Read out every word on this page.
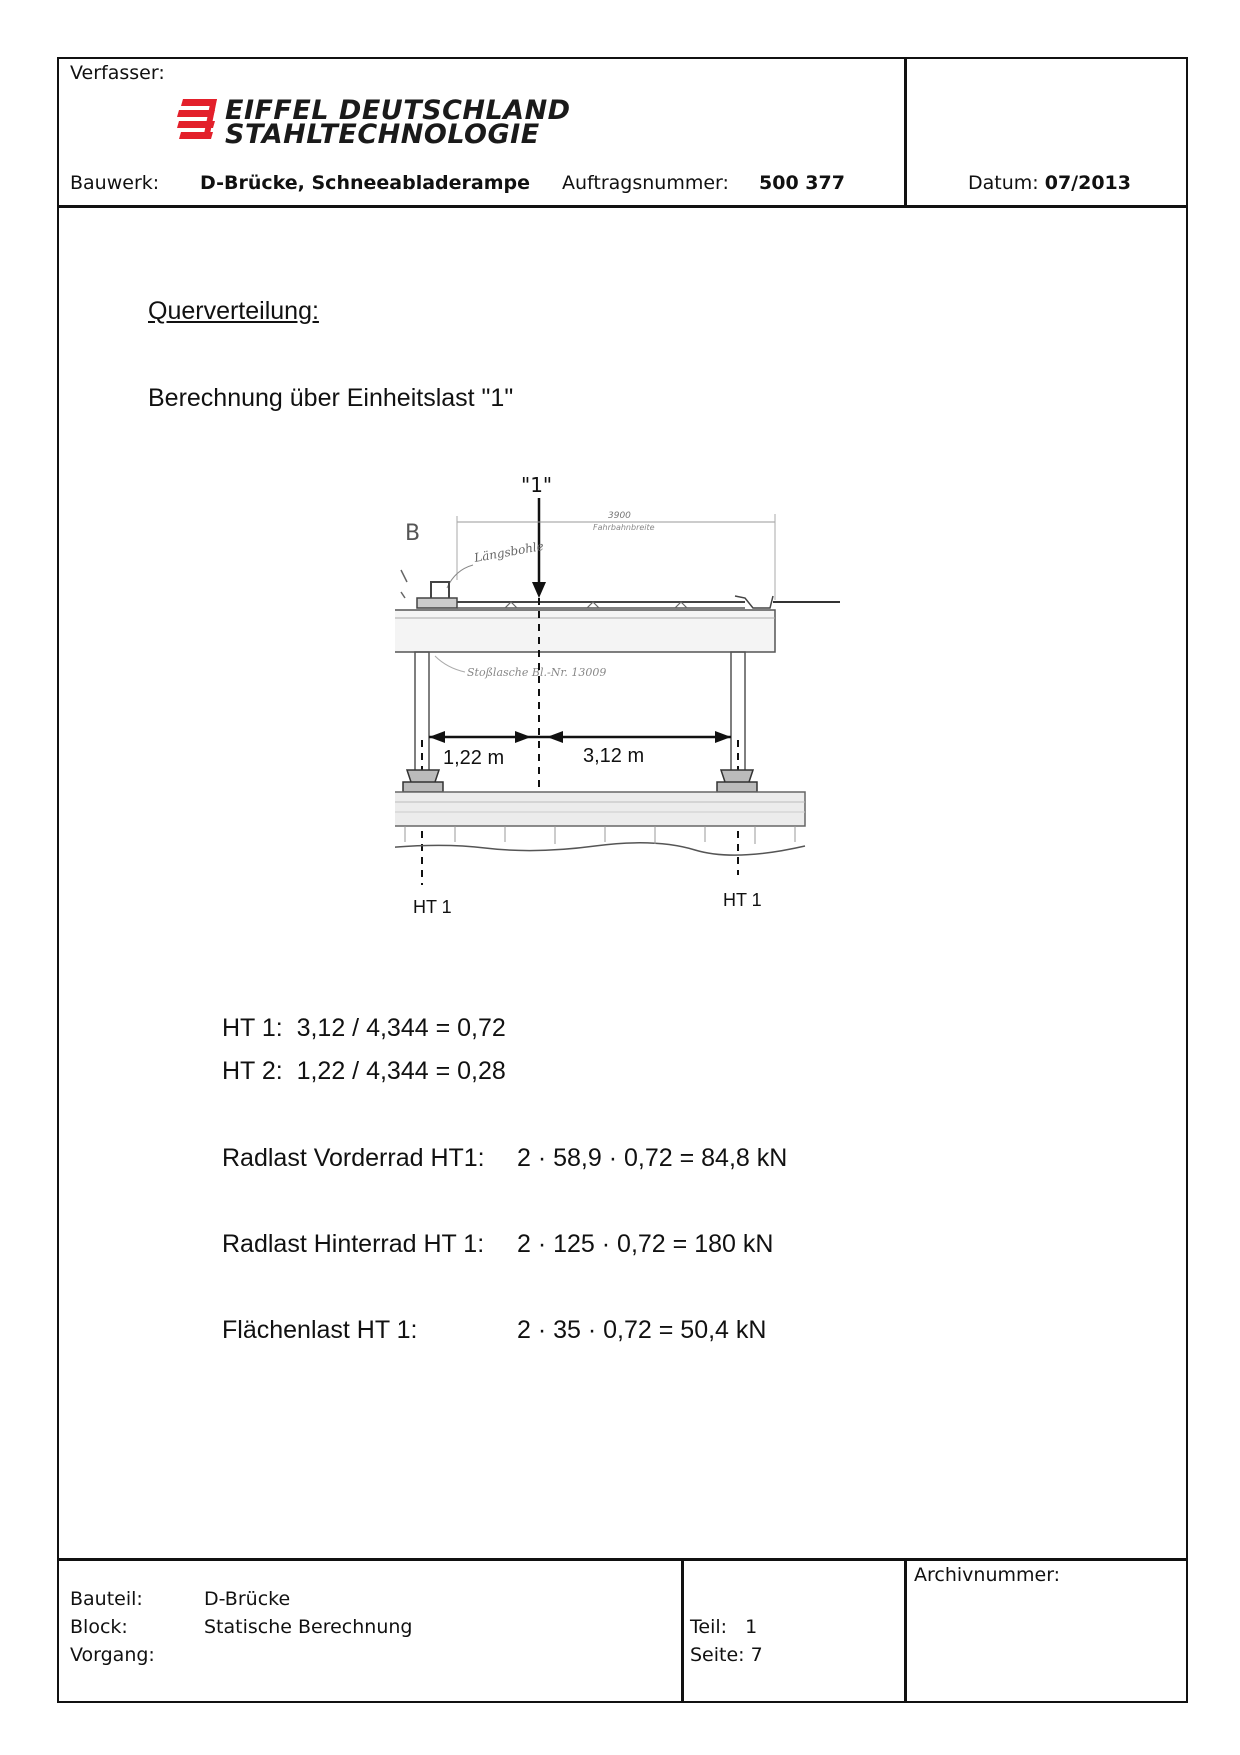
Verfasser:
EIFFEL DEUTSCHLAND
STAHLTECHNOLOGIE
Bauwerk: D-Brücke, Schneeabladerampe Auftragsnummer: 500 377	Datum: 07/2013
Querverteilung:
Berechnung über Einheitslast "1"
"1"
B
3900
Fahrbahnbreite
Längsbohle
Stoßlasche Bl.-Nr. 13009
1,22 m	3,12 m
HT 1	HT 1
HT 1: 3,12 / 4,344 = 0,72
HT 2: 1,22 / 4,344 = 0,28
Radlast Vorderrad HT1: 2 · 58,9 · 0,72 = 84,8 kN
Radlast Hinterrad HT 1: 2 · 125 · 0,72 = 180 kN
Flächenlast HT 1:	2 · 35 · 0,72 = 50,4 kN
Bauteil:	D-Brücke
Block:	Statische Berechnung
Vorgang:
Teil: 1
Seite: 7
Archivnummer:
